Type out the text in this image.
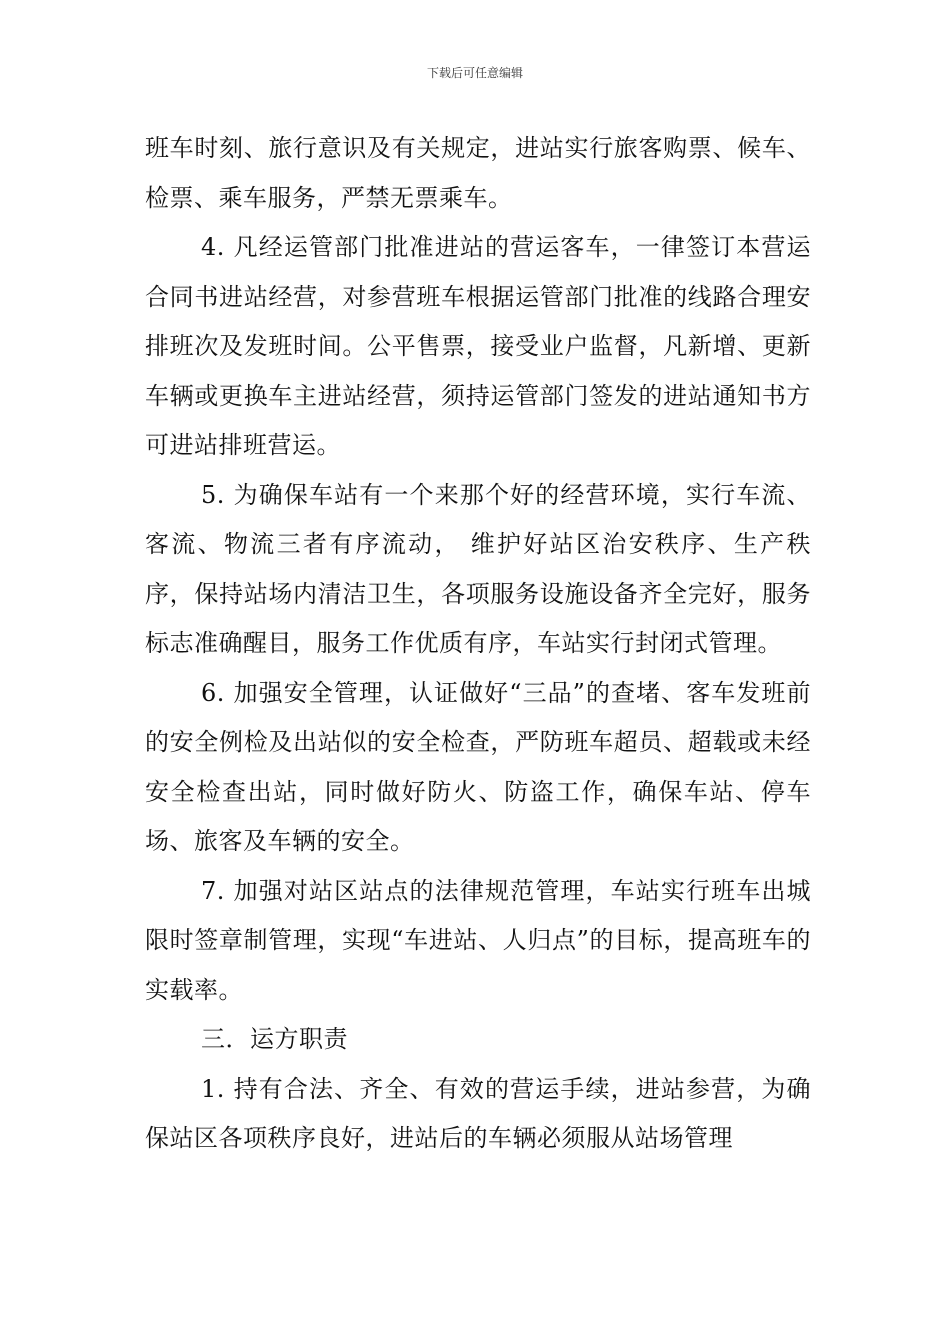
下载后可任意编辑

班车时刻、旅行意识及有关规定，进站实行旅客购票、候车、检票、乘车服务，严禁无票乘车。

4. 凡经运管部门批准进站的营运客车，一律签订本营运合同书进站经营，对参营班车根据运管部门批准的线路合理安排班次及发班时间。公平售票，接受业户监督，凡新增、更新车辆或更换车主进站经营，须持运管部门签发的进站通知书方可进站排班营运。

5. 为确保车站有一个来那个好的经营环境，实行车流、客流、物流三者有序流动， 维护好站区治安秩序、生产秩序，保持站场内清洁卫生，各项服务设施设备齐全完好，服务标志准确醒目，服务工作优质有序，车站实行封闭式管理。

6. 加强安全管理，认证做好“三品”的查堵、客车发班前的安全例检及出站似的安全检查，严防班车超员、超载或未经安全检查出站，同时做好防火、防盗工作，确保车站、停车场、旅客及车辆的安全。

7. 加强对站区站点的法律规范管理，车站实行班车出城限时签章制管理，实现“车进站、人归点”的目标，提高班车的实载率。

三．运方职责

1. 持有合法、齐全、有效的营运手续，进站参营，为确保站区各项秩序良好，进站后的车辆必须服从站场管理
